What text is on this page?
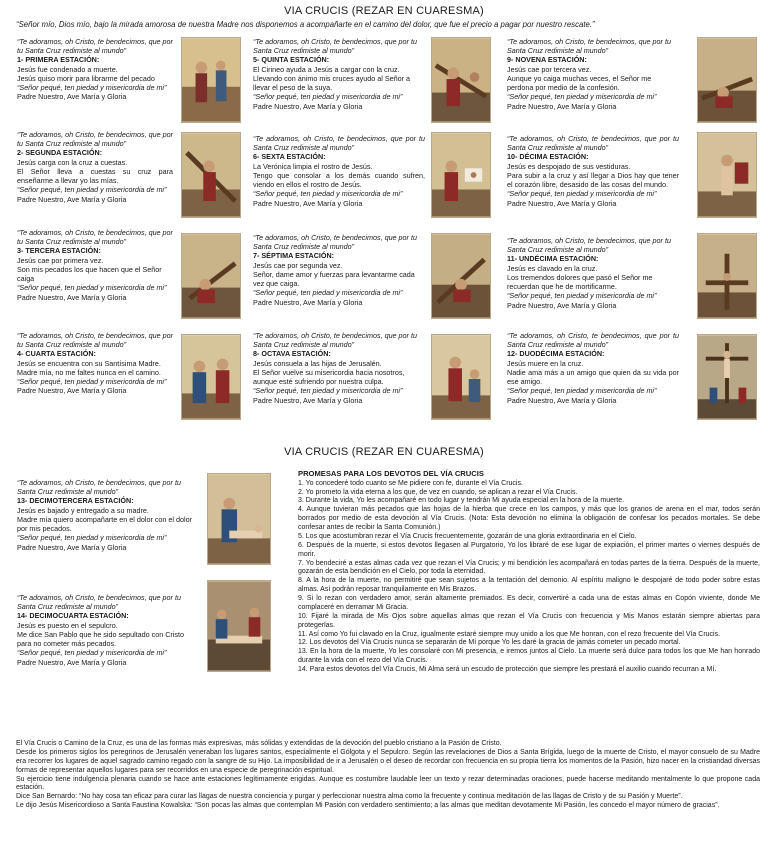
VIA CRUCIS (REZAR EN CUARESMA)
“Señor mío, Dios mío, bajo la mirada amorosa de nuestra Madre nos disponemos a acompañarte en el camino del dolor, que fue el precio a pagar por nuestro rescate.”
“Te adoramos, oh Cristo, te bendecimos, que por tu Santa Cruz redimiste al mundo”
1- PRIMERA ESTACIÓN:
Jesús fue condenado a muerte.
Jesús quiso morir para librarme del pecado
“Señor pequé, ten piedad y misericordia de mi”
Padre Nuestro, Ave María y Gloria
“Te adoramos, oh Cristo, te bendecimos, que por tu Santa Cruz redimiste al mundo”
2- SEGUNDA ESTACIÓN:
Jesús carga con la cruz a cuestas.
El Señor lleva a cuestas su cruz para enseñarme a llevar yo las mías.
“Señor pequé, ten piedad y misericordia de mi”
Padre Nuestro, Ave María y Gloria
“Te adoramos, oh Cristo, te bendecimos, que por tu Santa Cruz redimiste al mundo”
3- TERCERA ESTACIÓN:
Jesús cae por primera vez.
Son mis pecados los que hacen que el Señor caiga
“Señor pequé, ten piedad y misericordia de mi”
Padre Nuestro, Ave María y Gloria
“Te adoramos, oh Cristo, te bendecimos, que por tu Santa Cruz redimiste al mundo”
4- CUARTA ESTACIÓN:
Jesús se encuentra con su Santísima Madre.
Madre mía, no me faltes nunca en el camino.
“Señor pequé, ten piedad y misericordia de mi”
Padre Nuestro, Ave María y Gloria
“Te adoramos, oh Cristo, te bendecimos, que por tu Santa Cruz redimiste al mundo”
5- QUINTA ESTACIÓN:
El Cirineo ayuda a Jesús a cargar con la cruz.
Llevando con ánimo mis cruces ayudo al Señor a llevar el peso de la suya.
“Señor pequé, ten piedad y misericordia de mi”
Padre Nuestro, Ave María y Gloria
“Te adoramos, oh Cristo, te bendecimos, que por tu Santa Cruz redimiste al mundo”
6- SEXTA ESTACIÓN:
La Verónica limpia el rostro de Jesús.
Tengo que consolar a los demás cuando sufren, viendo en ellos el rostro de Jesús.
“Señor pequé, ten piedad y misericordia de mi”
Padre Nuestro, Ave María y Gloria
“Te adoramos, oh Cristo, te bendecimos, que por tu Santa Cruz redimiste al mundo”
7- SÉPTIMA ESTACIÓN:
Jesús cae por segunda vez.
Señor, dame amor y fuerzas para levantarme cada vez que caiga.
“Señor pequé, ten piedad y misericordia de mi”
Padre Nuestro, Ave María y Gloria
“Te adoramos, oh Cristo, te bendecimos, que por tu Santa Cruz redimiste al mundo”
8- OCTAVA ESTACIÓN:
Jesús consuela a las hijas de Jerusalén.
El Señor vuelve su misericordia hacia nosotros, aunque esté sufriendo por nuestra culpa.
“Señor pequé, ten piedad y misericordia de mi”
Padre Nuestro, Ave María y Gloria
“Te adoramos, oh Cristo, te bendecimos, que por tu Santa Cruz redimiste al mundo”
9- NOVENA ESTACIÓN:
Jesús cae por tercera vez.
Aunque yo caiga muchas veces, el Señor me perdona por medio de la confesión.
“Señor pequé, ten piedad y misericordia de mi”
Padre Nuestro, Ave María y Gloria
“Te adoramos, oh Cristo, te bendecimos, que por tu Santa Cruz redimiste al mundo”
10- DÉCIMA ESTACIÓN:
Jesús es despojado de sus vestiduras.
Para subir a la cruz y así llegar a Dios hay que tener el corazón libre, desasido de las cosas del mundo.
“Señor pequé, ten piedad y misericordia de mi”
Padre Nuestro, Ave María y Gloria
“Te adoramos, oh Cristo, te bendecimos, que por tu Santa Cruz redimiste al mundo”
11- UNDÉCIMA ESTACIÓN:
Jesús es clavado en la cruz.
Los tremendos dolores que pasó el Señor me recuerdan que he de mortificarme.
“Señor pequé, ten piedad y misericordia de mi”
Padre Nuestro, Ave María y Gloria
“Te adoramos, oh Cristo, te bendecimos, que por tu Santa Cruz redimiste al mundo”
12- DUODÉCIMA ESTACIÓN:
Jesús muere en la cruz.
Nadie ama más a un amigo que quien da su vida por ese amigo.
“Señor pequé, ten piedad y misericordia de mi”
Padre Nuestro, Ave María y Gloria
VIA CRUCIS (REZAR EN CUARESMA)
“Te adoramos, oh Cristo, te bendecimos, que por tu Santa Cruz redimiste al mundo”
13- DECIMOTERCERA ESTACIÓN:
Jesús es bajado y entregado a su madre.
Madre mía quiero acompañarte en el dolor con el dolor por mis pecados.
“Señor pequé, ten piedad y misericordia de mi”
Padre Nuestro, Ave María y Gloria
“Te adoramos, oh Cristo, te bendecimos, que por tu Santa Cruz redimiste al mundo”
14- DECIMOCUARTA ESTACIÓN:
Jesús es puesto en el sepulcro.
Me dice San Pablo que he sido sepultado con Cristo para no cometer más pecados.
“Señor pequé, ten piedad y misericordia de mi”
Padre Nuestro, Ave María y Gloria
PROMESAS PARA LOS DEVOTOS DEL VÍA CRUCIS
1. Yo concederé todo cuanto se Me pidiere con fe, durante el Vía Crucis.
2. Yo prometo la vida eterna a los que, de vez en cuando, se aplican a rezar el Vía Crucis.
3. Durante la vida, Yo les acompañaré en todo lugar y tendrán Mi ayuda especial en la hora de la muerte.
4. Aunque tuvieran más pecados que las hojas de la hierba que crece en los campos, y más que los granos de arena en el mar, todos serán borrados por medio de esta devoción al Vía Crucis. (Nota: Esta devoción no elimina la obligación de confesar los pecados mortales. Se debe confesar antes de recibir la Santa Comunión.)
5. Los que acostumbran rezar el Vía Crucis frecuentemente, gozarán de una gloria extraordinaria en el Cielo.
6. Después de la muerte, si estos devotos llegasen al Purgatorio, Yo los libraré de ese lugar de expiación, el primer martes o viernes después de morir.
7. Yo bendeciré a estas almas cada vez que rezan el Vía Crucis; y mi bendición les acompañará en todas partes de la tierra. Después de la muerte, gozarán de esta bendición en el Cielo, por toda la eternidad.
8. A la hora de la muerte, no permitiré que sean sujetos a la tentación del demonio. Al espíritu maligno le despojaré de todo poder sobre estas almas. Así podrán reposar tranquilamente en Mis Brazos.
9. Si lo rezan con verdadero amor, serán altamente premiados. Es decir, convertiré a cada una de estas almas en Copón viviente, donde Me complaceré en derramar Mi Gracia.
10. Fijaré la mirada de Mis Ojos sobre aquellas almas que rezan el Vía Crucis con frecuencia y Mis Manos estarán siempre abiertas para protegerlas.
11. Así como Yo fui clavado en la Cruz, igualmente estaré siempre muy unido a los que Me honran, con el rezo frecuente del Vía Crucis.
12. Los devotos del Vía Crucis nunca se separarán de Mí porque Yo les daré la gracia de jamás cometer un pecado mortal.
13. En la hora de la muerte, Yo les consolaré con Mi presencia, e iremos juntos al Cielo. La muerte será dulce para todos los que Me han honrado durante la vida con el rezo del Vía Crucis.
14. Para estos devotos del Vía Crucis, Mi Alma será un escudo de protección que siempre les prestará el auxilio cuando recurran a Mí.
El Vía Crucis o Camino de la Cruz, es una de las formas más expresivas, más sólidas y extendidas de la devoción del pueblo cristiano a la Pasión de Cristo.
Desde los primeros siglos los peregrinos de Jerusalén veneraban los lugares santos, especialmente el Gólgota y el Sepulcro. Según las revelaciones de Dios a Santa Brígida, luego de la muerte de Cristo, el mayor consuelo de su Madre era recorrer los lugares de aquel sagrado camino regado con la sangre de su Hijo. La imposibilidad de ir a Jerusalén o el deseo de recordar con frecuencia en su propia tierra los momentos de la Pasión, hizo nacer en la cristiandad diversas formas de representar aquellos lugares para ser recorridos en una especie de peregrinación espiritual.
Su ejercicio tiene indulgencia plenaria cuando se hace ante estaciones legítimamente erigidas. Aunque es costumbre laudable leer un texto y rezar determinadas oraciones, puede hacerse meditando mentalmente lo que propone cada estación.
Dice San Bernardo: “No hay cosa tan eficaz para curar las llagas de nuestra conciencia y purgar y perfeccionar nuestra alma como la frecuente y continua meditación de las llagas de Cristo y de su Pasión y Muerte”.
Le dijo Jesús Misericordioso a Santa Faustina Kowalska: “Son pocas las almas que contemplan Mi Pasión con verdadero sentimiento; a las almas que meditan devotamente Mi Pasión, les concedo el mayor número de gracias”.
